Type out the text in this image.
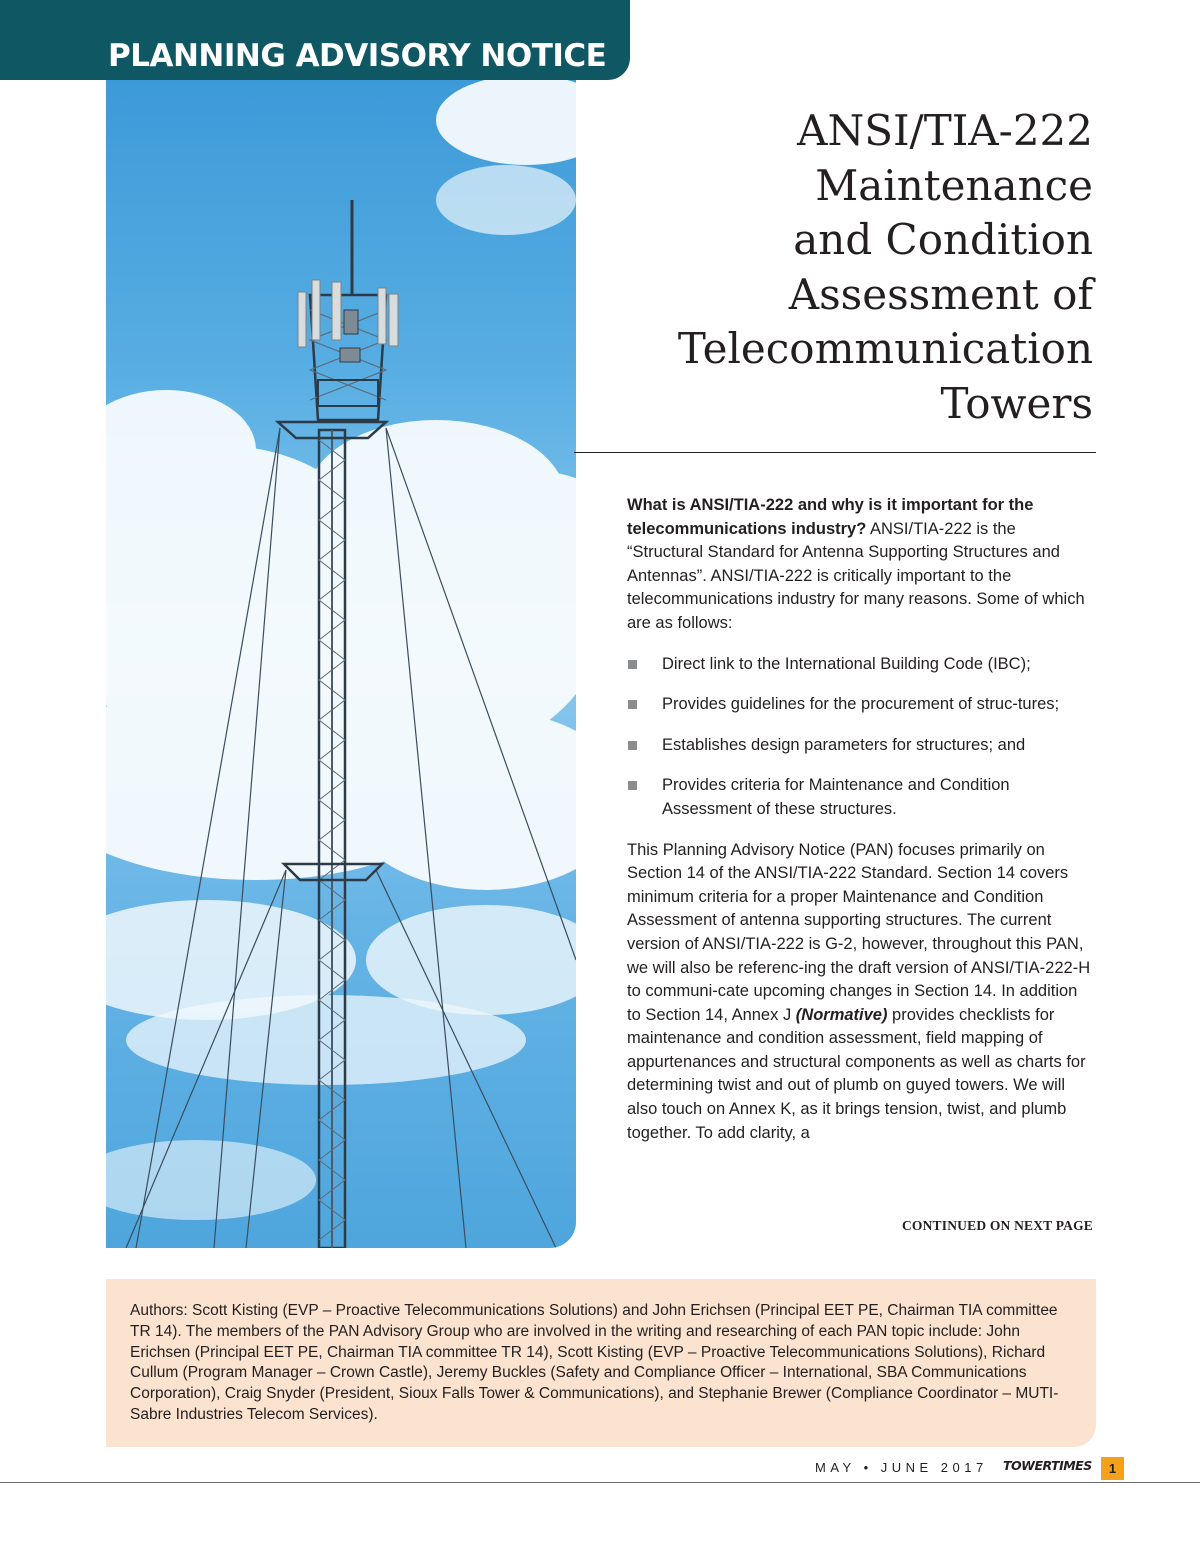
PLANNING ADVISORY NOTICE
ANSI/TIA-222
Maintenance
and Condition
Assessment of
Telecommunication
Towers

What is ANSI/TIA-222 and why is it important for the telecommunications industry? ANSI/TIA-222 is the “Structural Standard for Antenna Supporting Structures and Antennas”. ANSI/TIA-222 is critically important to the telecommunications industry for many reasons. Some of which are as follows:

Direct link to the International Building Code (IBC);
Provides guidelines for the procurement of struc-tures;
Establishes design parameters for structures; and
Provides criteria for Maintenance and Condition Assessment of these structures.

This Planning Advisory Notice (PAN) focuses primarily on Section 14 of the ANSI/TIA-222 Standard. Section 14 covers minimum criteria for a proper Maintenance and Condition Assessment of antenna supporting structures. The current version of ANSI/TIA-222 is G-2, however, throughout this PAN, we will also be referenc-ing the draft version of ANSI/TIA-222-H to communi-cate upcoming changes in Section 14. In addition to Section 14, Annex J (Normative) provides checklists for maintenance and condition assessment, field mapping of appurtenances and structural components as well as charts for determining twist and out of plumb on guyed towers. We will also touch on Annex K, as it brings tension, twist, and plumb together. To add clarity, a

CONTINUED ON NEXT PAGE

Authors: Scott Kisting (EVP – Proactive Telecommunications Solutions) and John Erichsen (Principal EET PE, Chairman TIA committee TR 14). The members of the PAN Advisory Group who are involved in the writing and researching of each PAN topic include: John Erichsen (Principal EET PE, Chairman TIA committee TR 14), Scott Kisting (EVP – Proactive Telecommunications Solutions), Richard Cullum (Program Manager – Crown Castle), Jeremy Buckles (Safety and Compliance Officer – International, SBA Communications Corporation), Craig Snyder (President, Sioux Falls Tower & Communications), and Stephanie Brewer (Compliance Coordinator – MUTI-Sabre Industries Telecom Services).

MAY • JUNE 2017 TOWERTIMES	1
